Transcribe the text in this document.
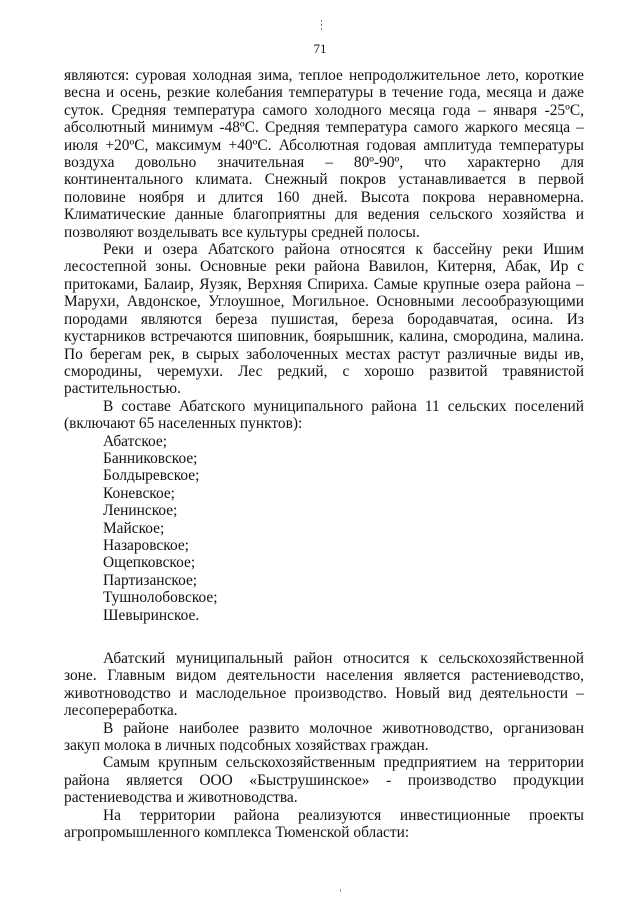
71

являются: суровая холодная зима, теплое непродолжительное лето, короткие весна и осень, резкие колебания температуры в течение года, месяца и даже суток. Средняя температура самого холодного месяца года – января -25ºС, абсолютный минимум -48ºС. Средняя температура самого жаркого месяца – июля +20ºС, максимум +40ºС. Абсолютная годовая амплитуда температуры воздуха довольно значительная – 80º-90º, что характерно для континентального климата. Снежный покров устанавливается в первой половине ноября и длится 160 дней. Высота покрова неравномерна. Климатические данные благоприятны для ведения сельского хозяйства и позволяют возделывать все культуры средней полосы.

Реки и озера Абатского района относятся к бассейну реки Ишим лесостепной зоны. Основные реки района Вавилон, Китерня, Абак, Ир с притоками, Балаир, Яузяк, Верхняя Спириха. Самые крупные озера района – Марухи, Авдонское, Углоушное, Могильное. Основными лесообразующими породами являются береза пушистая, береза бородавчатая, осина. Из кустарников встречаются шиповник, боярышник, калина, смородина, малина. По берегам рек, в сырых заболоченных местах растут различные виды ив, смородины, черемухи. Лес редкий, с хорошо развитой травянистой растительностью.

В составе Абатского муниципального района 11 сельских поселений (включают 65 населенных пунктов):

Абатское;
Банниковское;
Болдыревское;
Коневское;
Ленинское;
Майское;
Назаровское;
Ощепковское;
Партизанское;
Тушнолобовское;
Шевыринское.

Абатский муниципальный район относится к сельскохозяйственной зоне. Главным видом деятельности населения является растениеводство, животноводство и маслодельное производство. Новый вид деятельности – лесопереработка.

В районе наиболее развито молочное животноводство, организован закуп молока в личных подсобных хозяйствах граждан.

Самым крупным сельскохозяйственным предприятием на территории района является ООО «Быструшинское» - производство продукции растениеводства и животноводства.

На территории района реализуются инвестиционные проекты агропромышленного комплекса Тюменской области:
